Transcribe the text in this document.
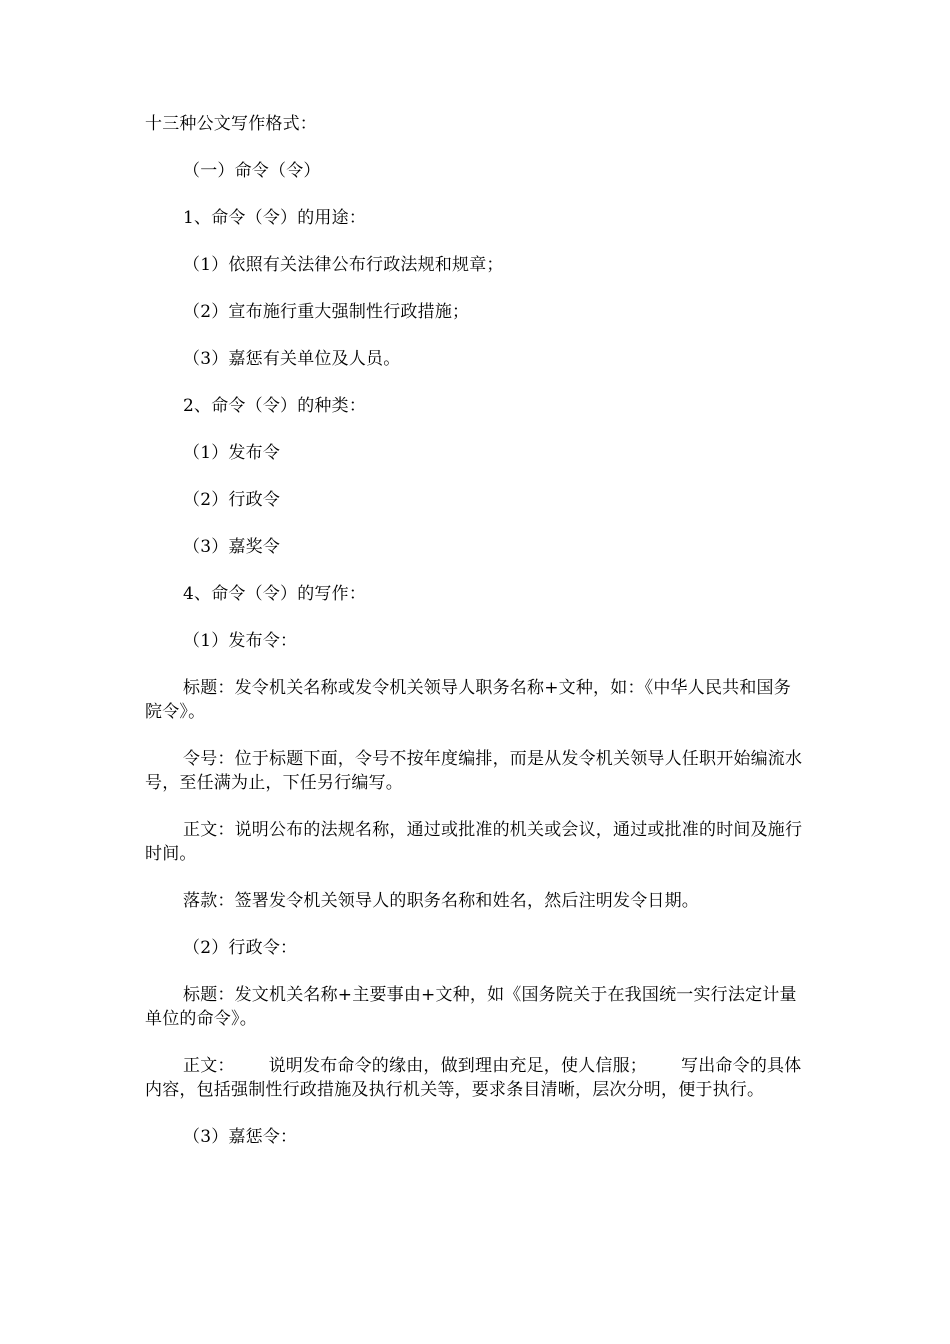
十三种公文写作格式：

（一）命令（令）

1、命令（令）的用途：

（1）依照有关法律公布行政法规和规章；

（2）宣布施行重大强制性行政措施；

（3）嘉惩有关单位及人员。

2、命令（令）的种类：

（1）发布令

（2）行政令

（3）嘉奖令

4、命令（令）的写作：

（1）发布令：

标题：发令机关名称或发令机关领导人职务名称+文种，如：《中华人民共和国务院令》。

令号：位于标题下面，令号不按年度编排，而是从发令机关领导人任职开始编流水号，至任满为止，下任另行编写。

正文：说明公布的法规名称，通过或批准的机关或会议，通过或批准的时间及施行时间。

落款：签署发令机关领导人的职务名称和姓名，然后注明发令日期。

（2）行政令：

标题：发文机关名称+主要事由+文种，如《国务院关于在我国统一实行法定计量单位的命令》。

正文： 说明发布命令的缘由，做到理由充足，使人信服； 写出命令的具体内容，包括强制性行政措施及执行机关等，要求条目清晰，层次分明，便于执行。

（3）嘉惩令：
